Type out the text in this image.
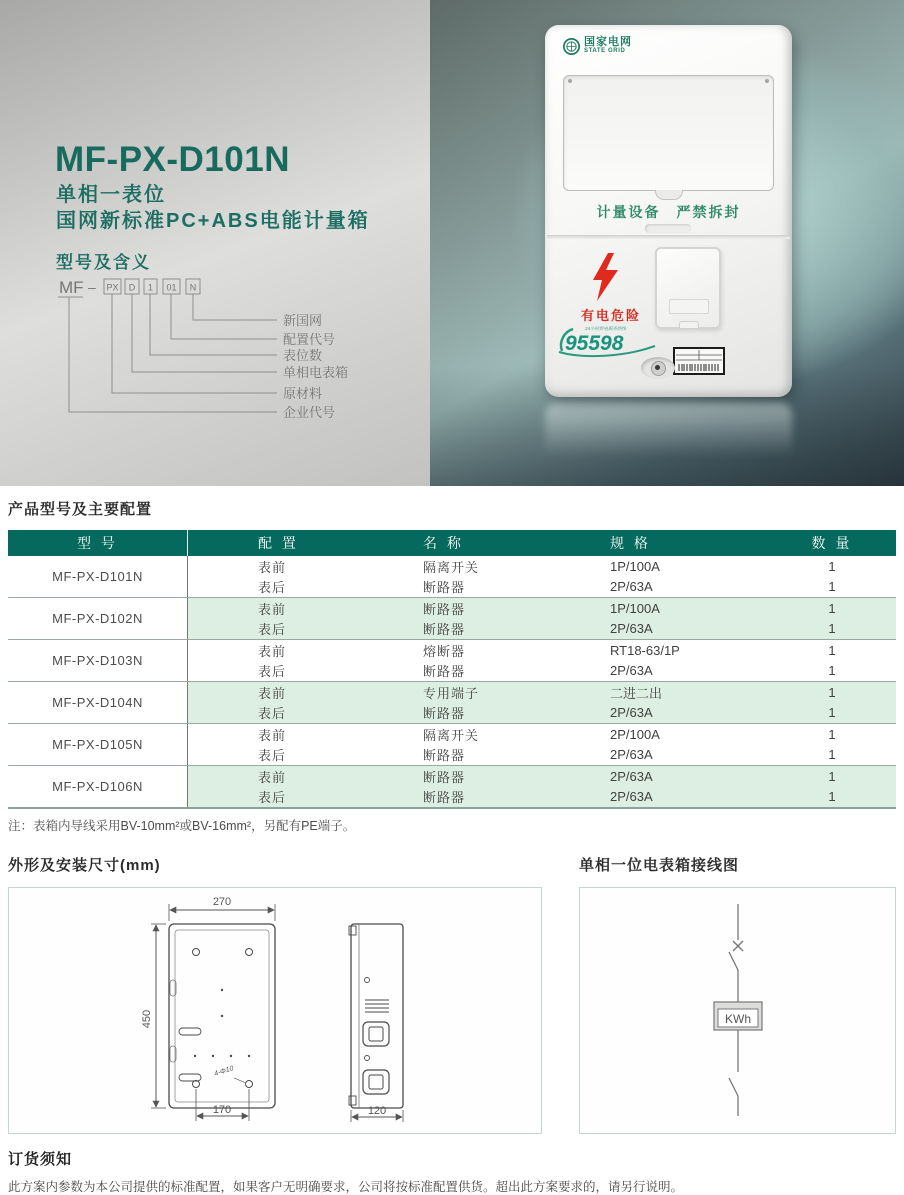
MF-PX-D101N
单相一表位
国网新标准PC+ABS电能计量箱
型号及含义
MF – PX D 1 01 N
新国网
配置代号
表位数
单相电表箱
原材料
企业代号
国家电网
STATE GRID
计量设备　严禁拆封
有电危险
24小时供电服务热线
95598
产品型号及主要配置
型 号	配 置	名 称	规 格	数 量
MF-PX-D101N
表前	隔离开关	1P/100A	1
表后	断路器	2P/63A	1
MF-PX-D102N
表前	断路器	1P/100A	1
表后	断路器	2P/63A	1
MF-PX-D103N
表前	熔断器	RT18-63/1P	1
表后	断路器	2P/63A	1
MF-PX-D104N
表前	专用端子	二进二出	1
表后	断路器	2P/63A	1
MF-PX-D105N
表前	隔离开关	2P/100A	1
表后	断路器	2P/63A	1
MF-PX-D106N
表前	断路器	2P/63A	1
表后	断路器	2P/63A	1
注：表箱内导线采用BV-10mm²或BV-16mm²，另配有PE端子。
外形及安装尺寸(mm)
4-Φ10
270
450
170	120
单相一位电表箱接线图
KWh
订货须知
此方案内参数为本公司提供的标准配置，如果客户无明确要求，公司将按标准配置供货。超出此方案要求的，请另行说明。
